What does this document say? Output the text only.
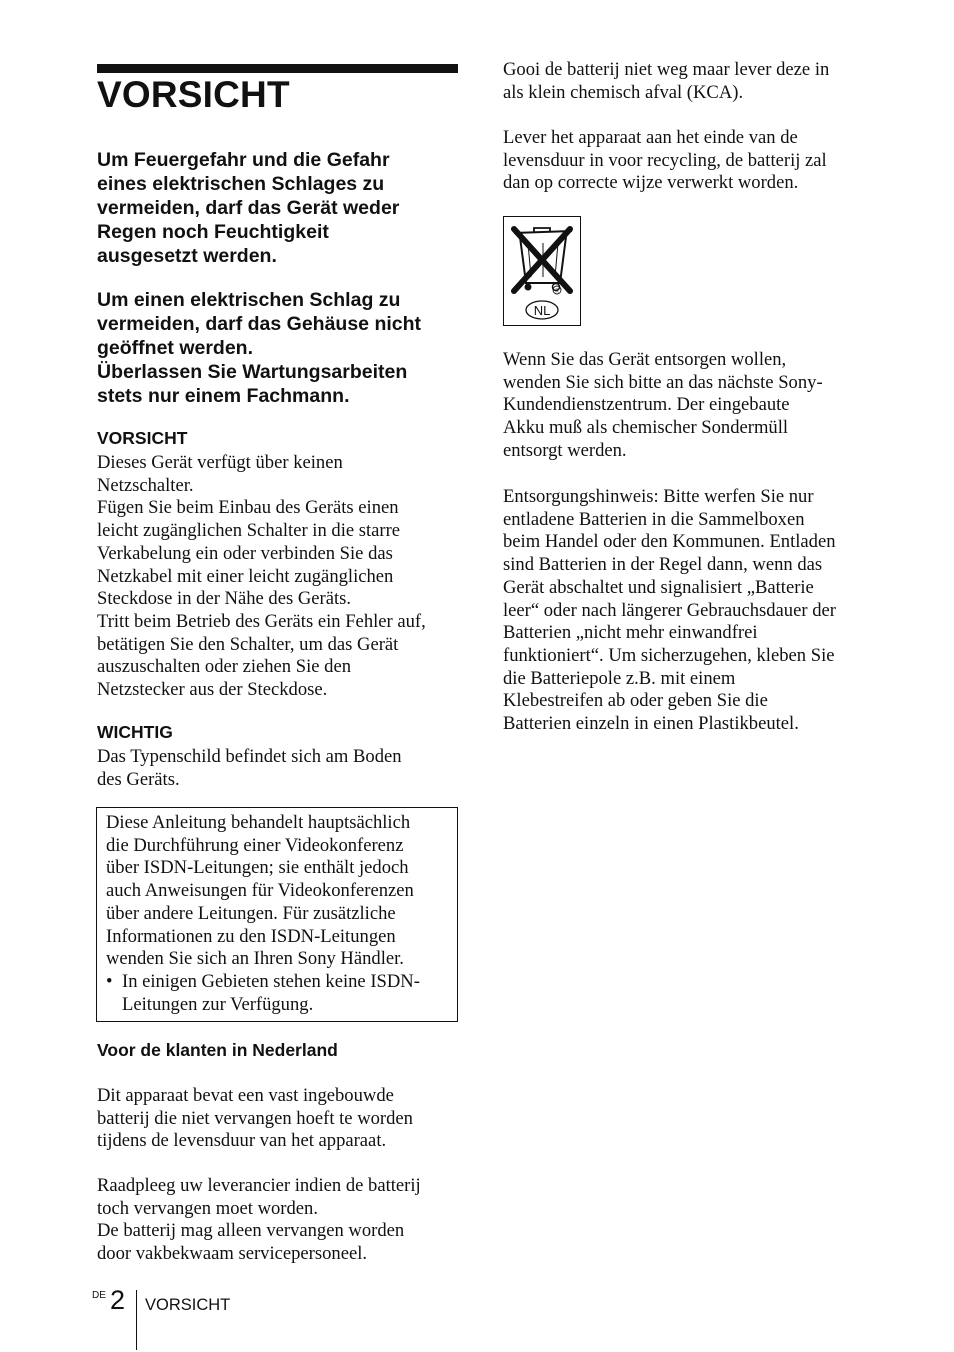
VORSICHT

Um Feuergefahr und die Gefahr
eines elektrischen Schlages zu
vermeiden, darf das Gerät weder
Regen noch Feuchtigkeit
ausgesetzt werden.

Um einen elektrischen Schlag zu
vermeiden, darf das Gehäuse nicht
geöffnet werden.
Überlassen Sie Wartungsarbeiten
stets nur einem Fachmann.

VORSICHT

Dieses Gerät verfügt über keinen
Netzschalter.
Fügen Sie beim Einbau des Geräts einen
leicht zugänglichen Schalter in die starre
Verkabelung ein oder verbinden Sie das
Netzkabel mit einer leicht zugänglichen
Steckdose in der Nähe des Geräts.
Tritt beim Betrieb des Geräts ein Fehler auf,
betätigen Sie den Schalter, um das Gerät
auszuschalten oder ziehen Sie den
Netzstecker aus der Steckdose.

WICHTIG

Das Typenschild befindet sich am Boden
des Geräts.

Diese Anleitung behandelt hauptsächlich
die Durchführung einer Videokonferenz
über ISDN-Leitungen; sie enthält jedoch
auch Anweisungen für Videokonferenzen
über andere Leitungen. Für zusätzliche
Informationen zu den ISDN-Leitungen
wenden Sie sich an Ihren Sony Händler.

• In einigen Gebieten stehen keine ISDN-
Leitungen zur Verfügung.
Voor de klanten in Nederland

Dit apparaat bevat een vast ingebouwde
batterij die niet vervangen hoeft te worden
tijdens de levensduur van het apparaat.

Raadpleeg uw leverancier indien de batterij
toch vervangen moet worden.
De batterij mag alleen vervangen worden
door vakbekwaam servicepersoneel.

Gooi de batterij niet weg maar lever deze in
als klein chemisch afval (KCA).

Lever het apparaat aan het einde van de
levensduur in voor recycling, de batterij zal
dan op correcte wijze verwerkt worden.

R
NL

Wenn Sie das Gerät entsorgen wollen,
wenden Sie sich bitte an das nächste Sony-
Kundendienstzentrum. Der eingebaute
Akku muß als chemischer Sondermüll
entsorgt werden.

Entsorgungshinweis: Bitte werfen Sie nur
entladene Batterien in die Sammelboxen
beim Handel oder den Kommunen. Entladen
sind Batterien in der Regel dann, wenn das
Gerät abschaltet und signalisiert „Batterie
leer“ oder nach längerer Gebrauchsdauer der
Batterien „nicht mehr einwandfrei
funktioniert“. Um sicherzugehen, kleben Sie
die Batteriepole z.B. mit einem
Klebestreifen ab oder geben Sie die
Batterien einzeln in einen Plastikbeutel.

DE 2 VORSICHT
